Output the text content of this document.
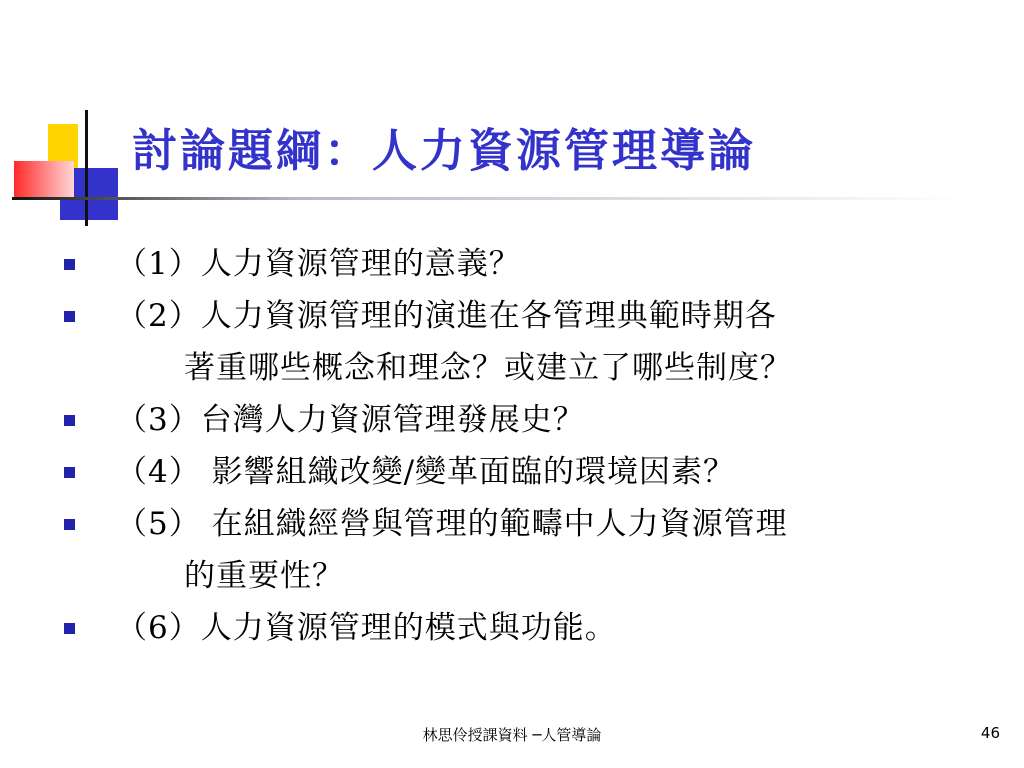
討論題綱：人力資源管理導論
（1）人力資源管理的意義？
（2）人力資源管理的演進在各管理典範時期各
著重哪些概念和理念？或建立了哪些制度？
（3）台灣人力資源管理發展史？
（4） 影響組織改變/變革面臨的環境因素？
（5） 在組織經營與管理的範疇中人力資源管理
的重要性？
（6）人力資源管理的模式與功能。
林思伶授課資料 ─人管導論	46
